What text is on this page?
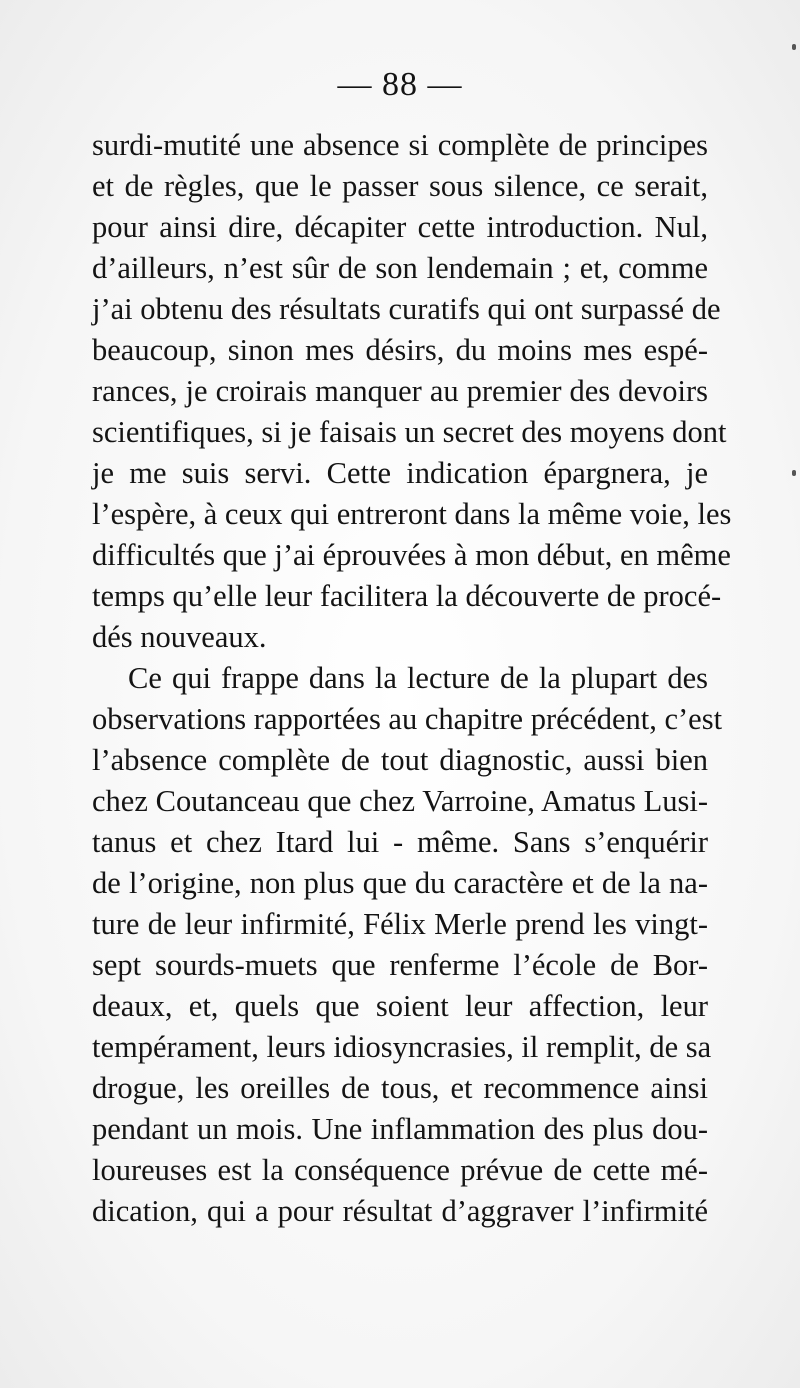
— 88 —
surdi-mutité une absence si complète de principes
et de règles, que le passer sous silence, ce serait,
pour ainsi dire, décapiter cette introduction. Nul,
d’ailleurs, n’est sûr de son lendemain ; et, comme
j’ai obtenu des résultats curatifs qui ont surpassé de
beaucoup, sinon mes désirs, du moins mes espé-
rances, je croirais manquer au premier des devoirs
scientifiques, si je faisais un secret des moyens dont
je me suis servi. Cette indication épargnera, je
l’espère, à ceux qui entreront dans la même voie, les
difficultés que j’ai éprouvées à mon début, en même
temps qu’elle leur facilitera la découverte de procé-
dés nouveaux.
Ce qui frappe dans la lecture de la plupart des
observations rapportées au chapitre précédent, c’est
l’absence complète de tout diagnostic, aussi bien
chez Coutanceau que chez Varroine, Amatus Lusi-
tanus et chez Itard lui - même. Sans s’enquérir
de l’origine, non plus que du caractère et de la na-
ture de leur infirmité, Félix Merle prend les vingt-
sept sourds-muets que renferme l’école de Bor-
deaux, et, quels que soient leur affection, leur
tempérament, leurs idiosyncrasies, il remplit, de sa
drogue, les oreilles de tous, et recommence ainsi
pendant un mois. Une inflammation des plus dou-
loureuses est la conséquence prévue de cette mé-
dication, qui a pour résultat d’aggraver l’infirmité
